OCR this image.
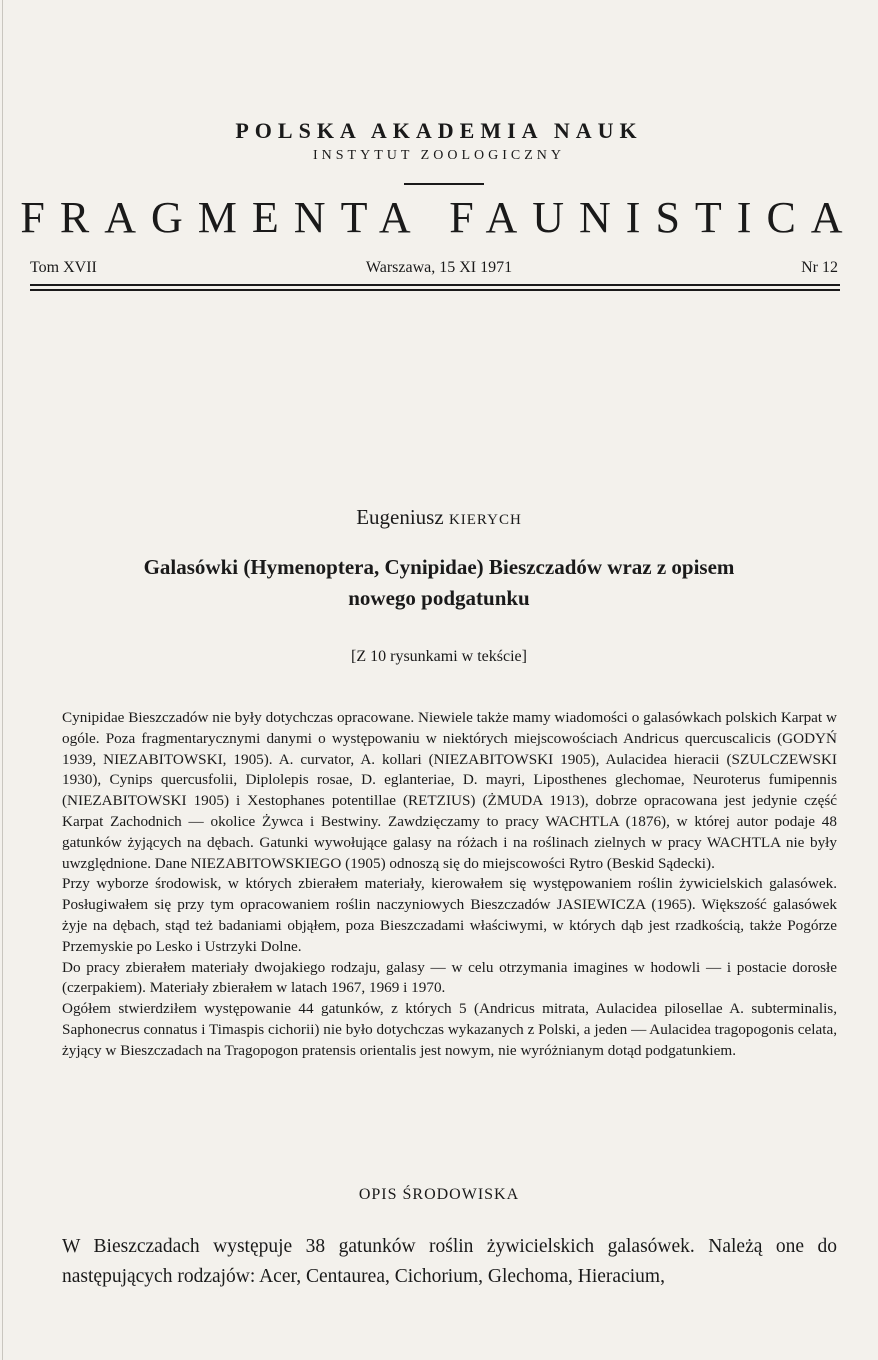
POLSKA AKADEMIA NAUK
INSTYTUT ZOOLOGICZNY
FRAGMENTA FAUNISTICA
Tom XVII	Warszawa, 15 XI 1971	Nr 12
Eugeniusz KIERYCH
Galasówki (Hymenoptera, Cynipidae) Bieszczadów wraz z opisem
nowego podgatunku
[Z 10 rysunkami w tekście]

Cynipidae Bieszczadów nie były dotychczas opracowane. Niewiele także mamy wiadomości o galasówkach polskich Karpat w ogóle. Poza fragmentarycznymi danymi o występowaniu w niektórych miejscowościach Andricus quercuscalicis (GODYŃ 1939, NIEZABITOWSKI, 1905). A. curvator, A. kollari (NIEZABITOWSKI 1905), Aulacidea hieracii (SZULCZEWSKI 1930), Cynips quercusfolii, Diplolepis rosae, D. eglanteriae, D. mayri, Liposthenes glechomae, Neuroterus fumipennis (NIEZABITOWSKI 1905) i Xestophanes potentillae (RETZIUS) (ŻMUDA 1913), dobrze opracowana jest jedynie część Karpat Zachodnich — okolice Żywca i Bestwiny. Zawdzięczamy to pracy WACHTLA (1876), w której autor podaje 48 gatunków żyjących na dębach. Gatunki wywołujące galasy na różach i na roślinach zielnych w pracy WACHTLA nie były uwzględnione. Dane NIEZABITOWSKIEGO (1905) odnoszą się do miejscowości Rytro (Beskid Sądecki).

Przy wyborze środowisk, w których zbierałem materiały, kierowałem się występowaniem roślin żywicielskich galasówek. Posługiwałem się przy tym opracowaniem roślin naczyniowych Bieszczadów JASIEWICZA (1965). Większość galasówek żyje na dębach, stąd też badaniami objąłem, poza Bieszczadami właściwymi, w których dąb jest rzadkością, także Pogórze Przemyskie po Lesko i Ustrzyki Dolne.

Do pracy zbierałem materiały dwojakiego rodzaju, galasy — w celu otrzymania imagines w hodowli — i postacie dorosłe (czerpakiem). Materiały zbierałem w latach 1967, 1969 i 1970.

Ogółem stwierdziłem występowanie 44 gatunków, z których 5 (Andricus mitrata, Aulacidea pilosellae A. subterminalis, Saphonecrus connatus i Timaspis cichorii) nie było dotychczas wykazanych z Polski, a jeden — Aulacidea tragopogonis celata, żyjący w Bieszczadach na Tragopogon pratensis orientalis jest nowym, nie wyróżnianym dotąd podgatunkiem.

OPIS ŚRODOWISKA

W Bieszczadach występuje 38 gatunków roślin żywicielskich galasówek. Należą one do następujących rodzajów: Acer, Centaurea, Cichorium, Glechoma, Hieracium,
